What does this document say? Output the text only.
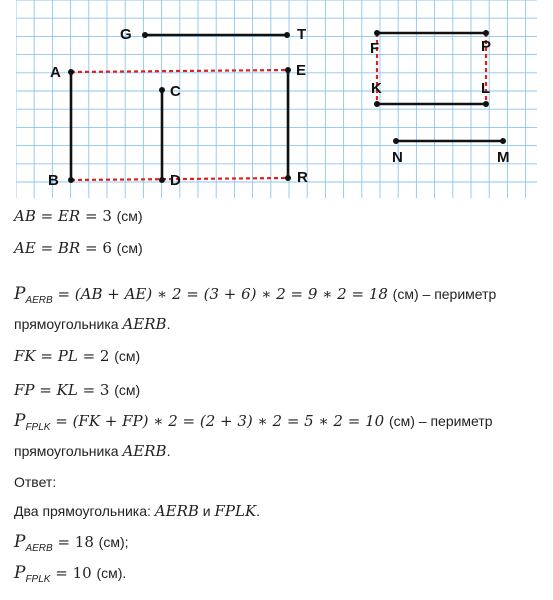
G	T
A	E
C
B	D	R
F	P
K	L
N	M
AB = ER = 3 (см)
AE = BR = 6 (см)
$P_{AERB} = (AB + AE)$ ∗ 2 = (3 + 6) ∗ 2 = 9 ∗ 2 = 18 (см) – периметр
прямоугольника AERB.
FK = PL = 2 (см)
FP = KL = 3 (см)
$P_{FPLK} = (FK + FP)$ ∗ 2 = (2 + 3) ∗ 2 = 5 ∗ 2 = 10 (см) – периметр
прямоугольника AERB.
Ответ:
Два прямоугольника: AERB и FPLK.
$P_{AERB} = 18$ (см);
$P_{FPLK} = 10$ (см).
